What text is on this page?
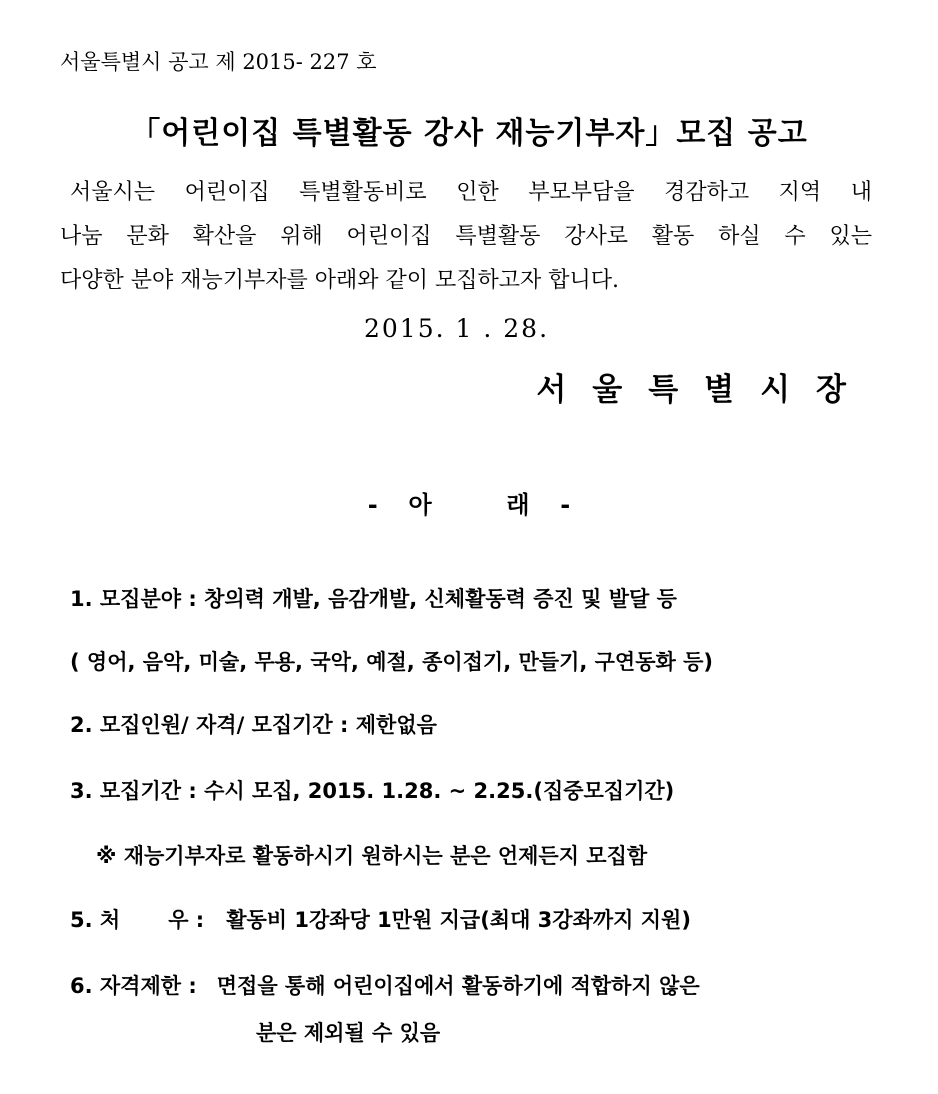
서울특별시 공고 제 2015- 227 호
「어린이집 특별활동 강사 재능기부자」모집 공고
서울시는 어린이집 특별활동비로 인한 부모부담을 경감하고 지역 내
나눔 문화 확산을 위해 어린이집 특별활동 강사로 활동 하실 수 있는
다양한 분야 재능기부자를 아래와 같이 모집하고자 합니다.
2015. 1 . 28.
서울특별시장
- 아	래 -
1. 모집분야 : 창의력 개발, 음감개발, 신체활동력 증진 및 발달 등
( 영어, 음악, 미술, 무용, 국악, 예절, 종이접기, 만들기, 구연동화 등)
2. 모집인원/ 자격/ 모집기간 : 제한없음
3. 모집기간 : 수시 모집, 2015. 1.28. ~ 2.25.(집중모집기간)
※ 재능기부자로 활동하시기 원하시는 분은 언제든지 모집함
5. 처 우 : 활동비 1강좌당 1만원 지급(최대 3강좌까지 지원)
6. 자격제한 : 면접을 통해 어린이집에서 활동하기에 적합하지 않은
분은 제외될 수 있음
